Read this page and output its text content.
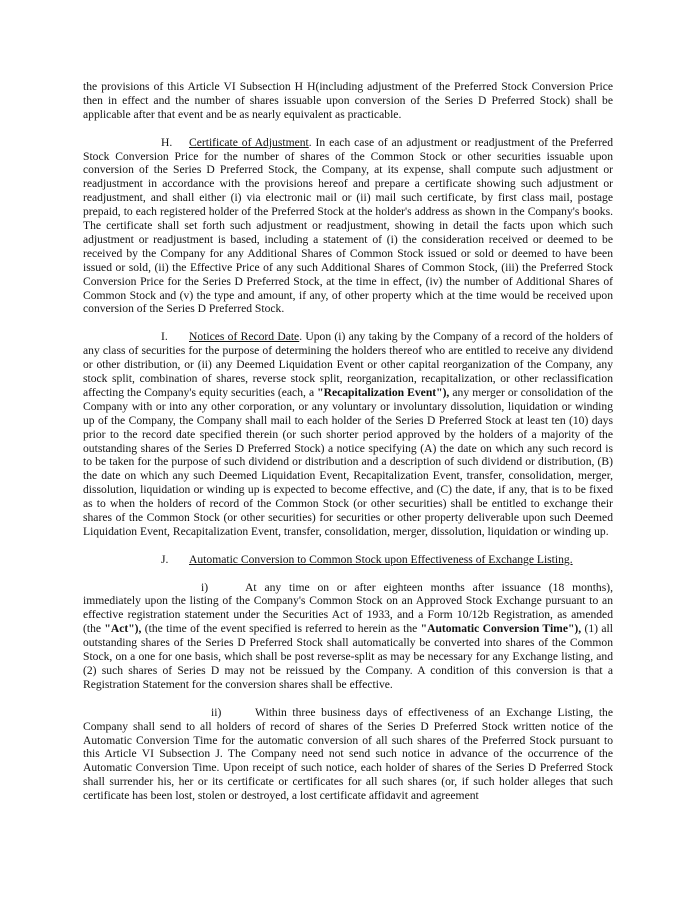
the provisions of this Article VI Subsection H H(including adjustment of the Preferred Stock Conversion Price then in effect and the number of shares issuable upon conversion of the Series D Preferred Stock) shall be applicable after that event and be as nearly equivalent as practicable.

H. Certificate of Adjustment. In each case of an adjustment or readjustment of the Preferred Stock Conversion Price for the number of shares of the Common Stock or other securities issuable upon conversion of the Series D Preferred Stock, the Company, at its expense, shall compute such adjustment or readjustment in accordance with the provisions hereof and prepare a certificate showing such adjustment or readjustment, and shall either (i) via electronic mail or (ii) mail such certificate, by first class mail, postage prepaid, to each registered holder of the Preferred Stock at the holder's address as shown in the Company's books. The certificate shall set forth such adjustment or readjustment, showing in detail the facts upon which such adjustment or readjustment is based, including a statement of (i) the consideration received or deemed to be received by the Company for any Additional Shares of Common Stock issued or sold or deemed to have been issued or sold, (ii) the Effective Price of any such Additional Shares of Common Stock, (iii) the Preferred Stock Conversion Price for the Series D Preferred Stock, at the time in effect, (iv) the number of Additional Shares of Common Stock and (v) the type and amount, if any, of other property which at the time would be received upon conversion of the Series D Preferred Stock.

I. Notices of Record Date. Upon (i) any taking by the Company of a record of the holders of any class of securities for the purpose of determining the holders thereof who are entitled to receive any dividend or other distribution, or (ii) any Deemed Liquidation Event or other capital reorganization of the Company, any stock split, combination of shares, reverse stock split, reorganization, recapitalization, or other reclassification affecting the Company's equity securities (each, a "Recapitalization Event"), any merger or consolidation of the Company with or into any other corporation, or any voluntary or involuntary dissolution, liquidation or winding up of the Company, the Company shall mail to each holder of the Series D Preferred Stock at least ten (10) days prior to the record date specified therein (or such shorter period approved by the holders of a majority of the outstanding shares of the Series D Preferred Stock) a notice specifying (A) the date on which any such record is to be taken for the purpose of such dividend or distribution and a description of such dividend or distribution, (B) the date on which any such Deemed Liquidation Event, Recapitalization Event, transfer, consolidation, merger, dissolution, liquidation or winding up is expected to become effective, and (C) the date, if any, that is to be fixed as to when the holders of record of the Common Stock (or other securities) shall be entitled to exchange their shares of the Common Stock (or other securities) for securities or other property deliverable upon such Deemed Liquidation Event, Recapitalization Event, transfer, consolidation, merger, dissolution, liquidation or winding up.

J. Automatic Conversion to Common Stock upon Effectiveness of Exchange Listing.

i)	At any time on or after eighteen months after issuance (18 months), immediately upon the listing of the Company's Common Stock on an Approved Stock Exchange pursuant to an effective registration statement under the Securities Act of 1933, and a Form 10/12b Registration, as amended (the "Act"), (the time of the event specified is referred to herein as the "Automatic Conversion Time"), (1) all outstanding shares of the Series D Preferred Stock shall automatically be converted into shares of the Common Stock, on a one for one basis, which shall be post reverse-split as may be necessary for any Exchange listing, and (2) such shares of Series D may not be reissued by the Company. A condition of this conversion is that a Registration Statement for the conversion shares shall be effective.

ii)	Within three business days of effectiveness of an Exchange Listing, the Company shall send to all holders of record of shares of the Series D Preferred Stock written notice of the Automatic Conversion Time for the automatic conversion of all such shares of the Preferred Stock pursuant to this Article VI Subsection J. The Company need not send such notice in advance of the occurrence of the Automatic Conversion Time. Upon receipt of such notice, each holder of shares of the Series D Preferred Stock shall surrender his, her or its certificate or certificates for all such shares (or, if such holder alleges that such certificate has been lost, stolen or destroyed, a lost certificate affidavit and agreement
